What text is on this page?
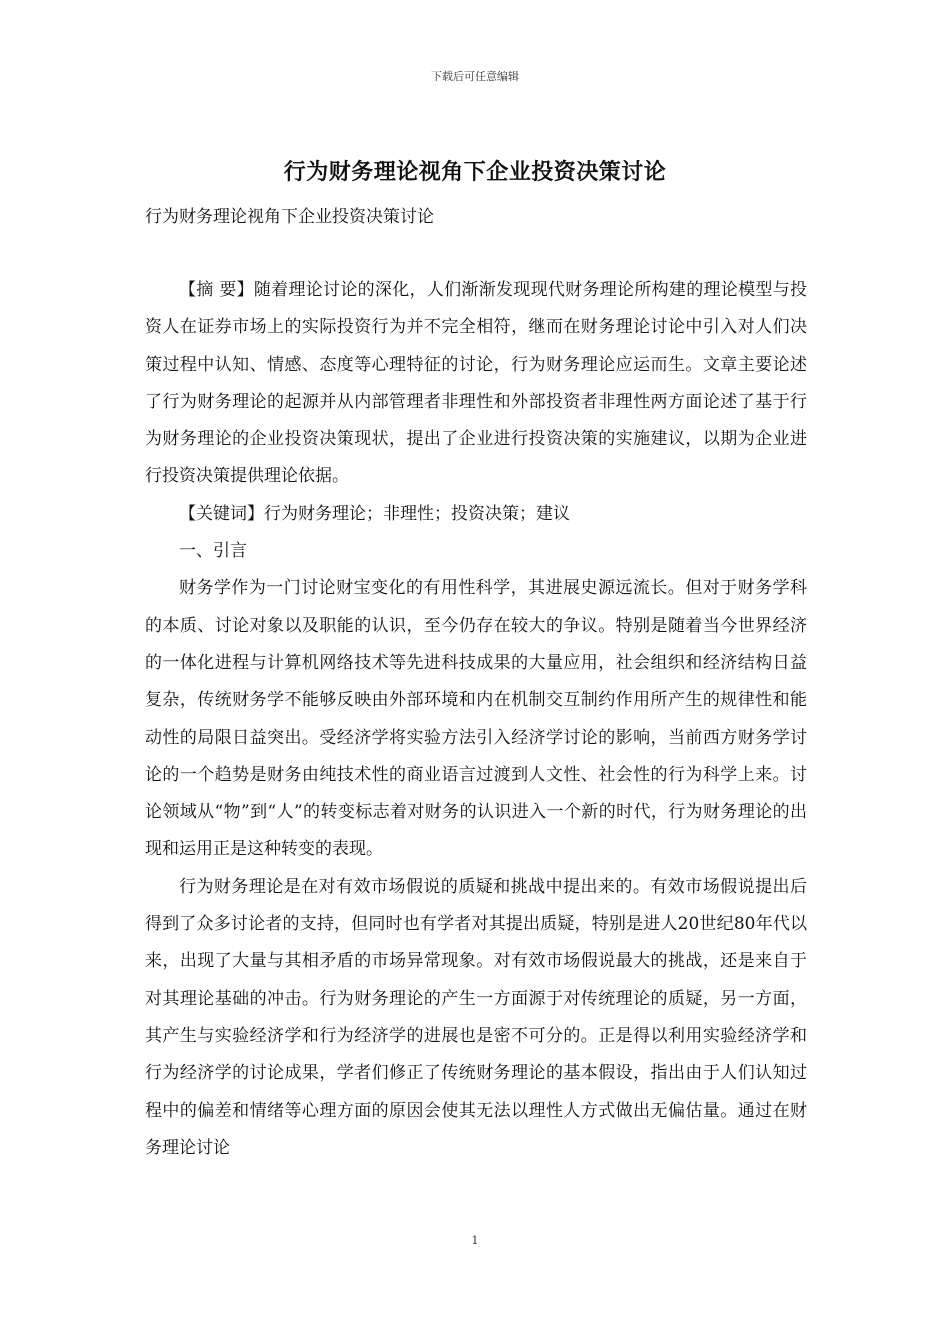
下载后可任意编辑
行为财务理论视角下企业投资决策讨论
行为财务理论视角下企业投资决策讨论

【摘 要】随着理论讨论的深化，人们渐渐发现现代财务理论所构建的理论模型与投资人在证券市场上的实际投资行为并不完全相符，继而在财务理论讨论中引入对人们决策过程中认知、情感、态度等心理特征的讨论，行为财务理论应运而生。文章主要论述了行为财务理论的起源并从内部管理者非理性和外部投资者非理性两方面论述了基于行为财务理论的企业投资决策现状，提出了企业进行投资决策的实施建议，以期为企业进行投资决策提供理论依据。

【关键词】行为财务理论；非理性；投资决策；建议

一、引言

财务学作为一门讨论财宝变化的有用性科学，其进展史源远流长。但对于财务学科的本质、讨论对象以及职能的认识，至今仍存在较大的争议。特别是随着当今世界经济的一体化进程与计算机网络技术等先进科技成果的大量应用，社会组织和经济结构日益复杂，传统财务学不能够反映由外部环境和内在机制交互制约作用所产生的规律性和能动性的局限日益突出。受经济学将实验方法引入经济学讨论的影响，当前西方财务学讨论的一个趋势是财务由纯技术性的商业语言过渡到人文性、社会性的行为科学上来。讨论领域从“物”到“人”的转变标志着对财务的认识进入一个新的时代，行为财务理论的出现和运用正是这种转变的表现。

行为财务理论是在对有效市场假说的质疑和挑战中提出来的。有效市场假说提出后得到了众多讨论者的支持，但同时也有学者对其提出质疑，特别是进人20世纪80年代以来，出现了大量与其相矛盾的市场异常现象。对有效市场假说最大的挑战，还是来自于对其理论基础的冲击。行为财务理论的产生一方面源于对传统理论的质疑，另一方面，其产生与实验经济学和行为经济学的进展也是密不可分的。正是得以利用实验经济学和行为经济学的讨论成果，学者们修正了传统财务理论的基本假设，指出由于人们认知过程中的偏差和情绪等心理方面的原因会使其无法以理性人方式做出无偏估量。通过在财务理论讨论

1
